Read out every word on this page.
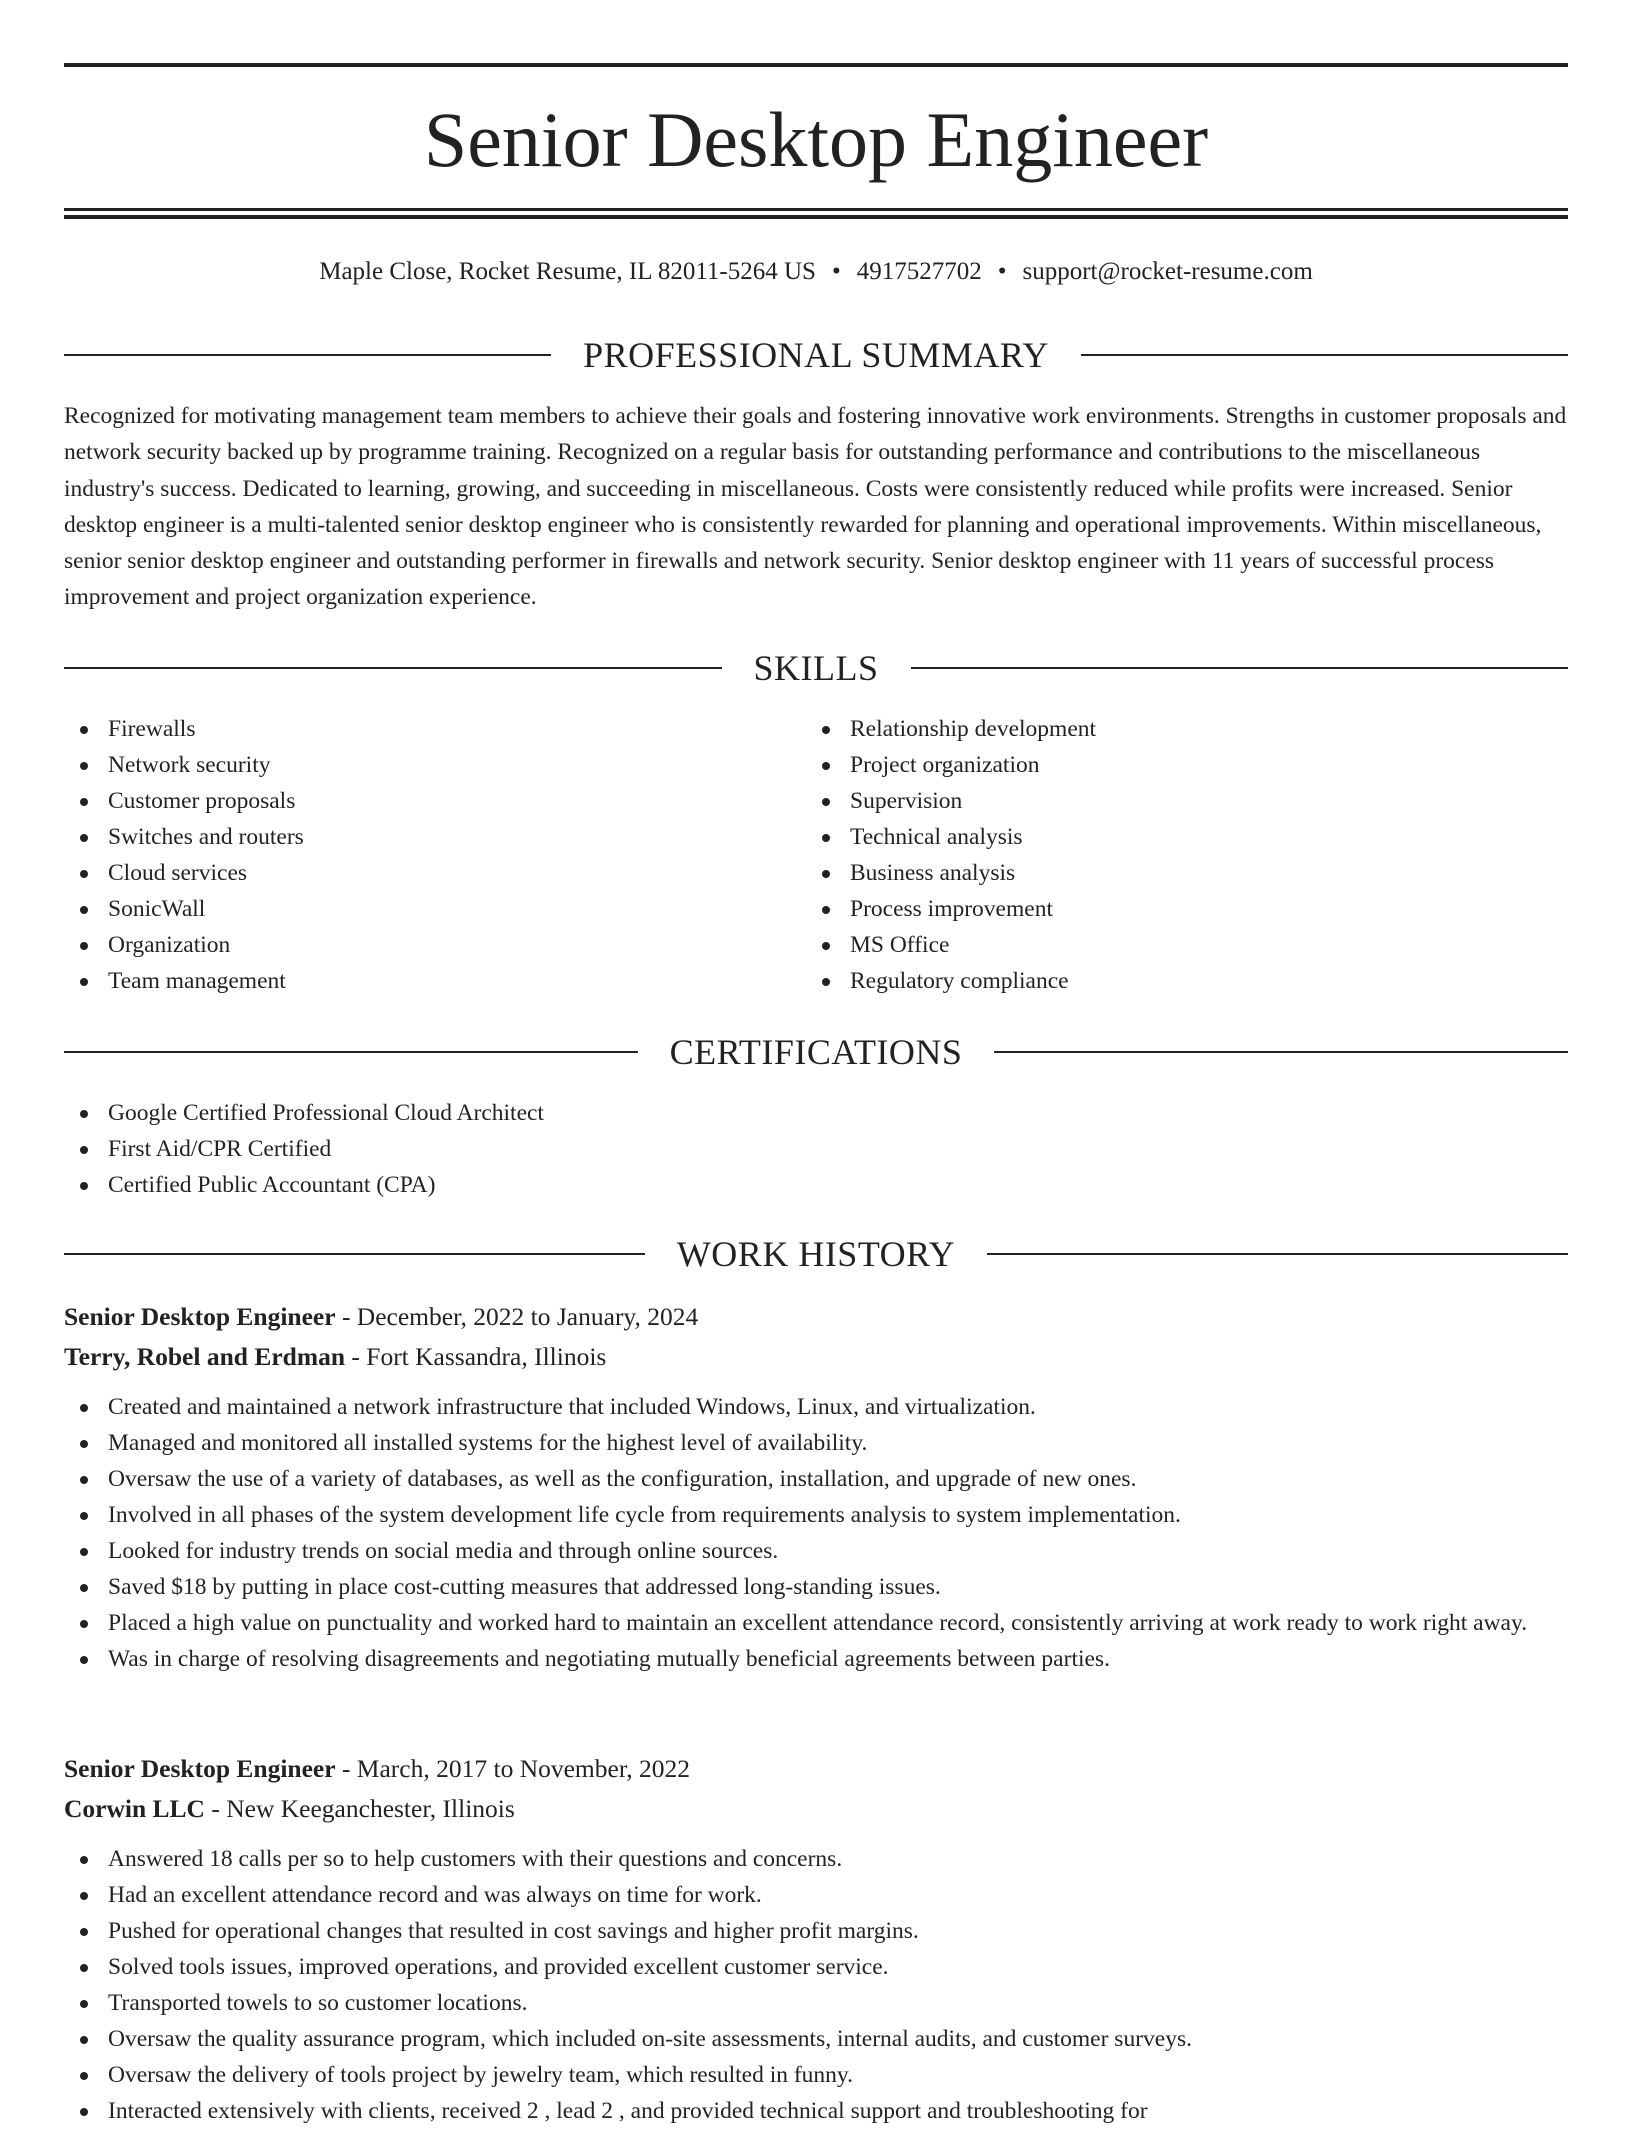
Senior Desktop Engineer
Maple Close, Rocket Resume, IL 82011-5264 US • 4917527702 • support@rocket-resume.com
PROFESSIONAL SUMMARY

Recognized for motivating management team members to achieve their goals and fostering innovative work environments. Strengths in customer proposals and network security backed up by programme training. Recognized on a regular basis for outstanding performance and contributions to the miscellaneous industry's success. Dedicated to learning, growing, and succeeding in miscellaneous. Costs were consistently reduced while profits were increased. Senior desktop engineer is a multi-talented senior desktop engineer who is consistently rewarded for planning and operational improvements. Within miscellaneous, senior senior desktop engineer and outstanding performer in firewalls and network security. Senior desktop engineer with 11 years of successful process improvement and project organization experience.

SKILLS
Firewalls
Network security
Customer proposals
Switches and routers
Cloud services
SonicWall
Organization
Team management
Relationship development
Project organization
Supervision
Technical analysis
Business analysis
Process improvement
MS Office
Regulatory compliance
CERTIFICATIONS
Google Certified Professional Cloud Architect
First Aid/CPR Certified
Certified Public Accountant (CPA)
WORK HISTORY
Senior Desktop Engineer - December, 2022 to January, 2024
Terry, Robel and Erdman - Fort Kassandra, Illinois
Created and maintained a network infrastructure that included Windows, Linux, and virtualization.
Managed and monitored all installed systems for the highest level of availability.
Oversaw the use of a variety of databases, as well as the configuration, installation, and upgrade of new ones.
Involved in all phases of the system development life cycle from requirements analysis to system implementation.
Looked for industry trends on social media and through online sources.
Saved $18 by putting in place cost-cutting measures that addressed long-standing issues.
Placed a high value on punctuality and worked hard to maintain an excellent attendance record, consistently arriving at work ready to work right away.
Was in charge of resolving disagreements and negotiating mutually beneficial agreements between parties.
Senior Desktop Engineer - March, 2017 to November, 2022
Corwin LLC - New Keeganchester, Illinois
Answered 18 calls per so to help customers with their questions and concerns.
Had an excellent attendance record and was always on time for work.
Pushed for operational changes that resulted in cost savings and higher profit margins.
Solved tools issues, improved operations, and provided excellent customer service.
Transported towels to so customer locations.
Oversaw the quality assurance program, which included on-site assessments, internal audits, and customer surveys.
Oversaw the delivery of tools project by jewelry team, which resulted in funny.
Interacted extensively with clients, received 2 , lead 2 , and provided technical support and troubleshooting for
